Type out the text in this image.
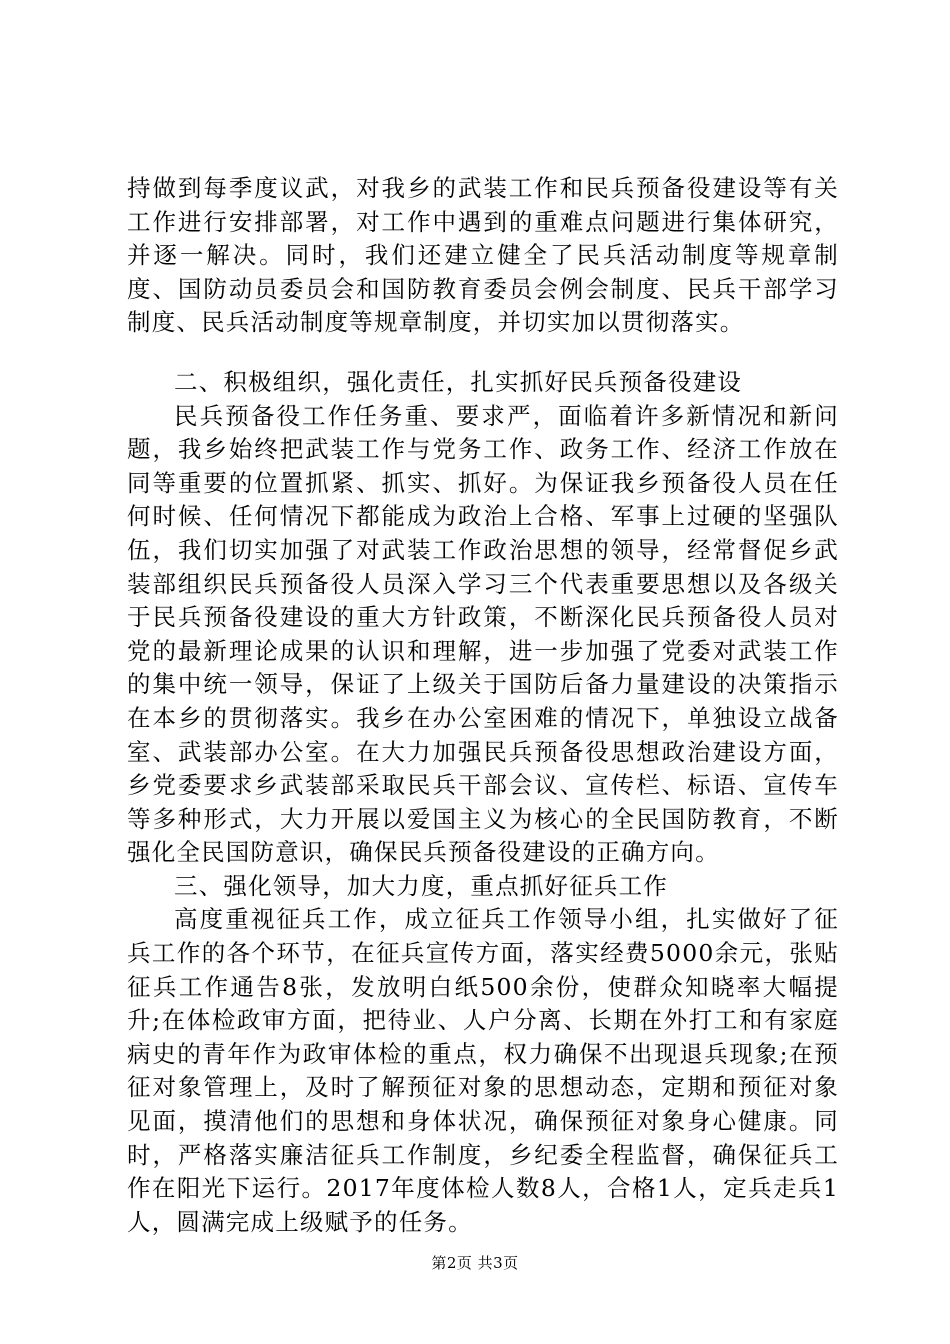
持做到每季度议武，对我乡的武装工作和民兵预备役建设等有关工作进行安排部署，对工作中遇到的重难点问题进行集体研究，并逐一解决。同时，我们还建立健全了民兵活动制度等规章制度、国防动员委员会和国防教育委员会例会制度、民兵干部学习制度、民兵活动制度等规章制度，并切实加以贯彻落实。

二、积极组织，强化责任，扎实抓好民兵预备役建设

民兵预备役工作任务重、要求严，面临着许多新情况和新问题，我乡始终把武装工作与党务工作、政务工作、经济工作放在同等重要的位置抓紧、抓实、抓好。为保证我乡预备役人员在任何时候、任何情况下都能成为政治上合格、军事上过硬的坚强队伍，我们切实加强了对武装工作政治思想的领导，经常督促乡武装部组织民兵预备役人员深入学习三个代表重要思想以及各级关于民兵预备役建设的重大方针政策，不断深化民兵预备役人员对党的最新理论成果的认识和理解，进一步加强了党委对武装工作的集中统一领导，保证了上级关于国防后备力量建设的决策指示在本乡的贯彻落实。我乡在办公室困难的情况下，单独设立战备室、武装部办公室。在大力加强民兵预备役思想政治建设方面，乡党委要求乡武装部采取民兵干部会议、宣传栏、标语、宣传车等多种形式，大力开展以爱国主义为核心的全民国防教育，不断强化全民国防意识，确保民兵预备役建设的正确方向。

三、强化领导，加大力度，重点抓好征兵工作

高度重视征兵工作，成立征兵工作领导小组，扎实做好了征兵工作的各个环节，在征兵宣传方面，落实经费5000余元，张贴征兵工作通告8张，发放明白纸500余份，使群众知晓率大幅提升;在体检政审方面，把待业、人户分离、长期在外打工和有家庭病史的青年作为政审体检的重点，权力确保不出现退兵现象;在预征对象管理上，及时了解预征对象的思想动态，定期和预征对象见面，摸清他们的思想和身体状况，确保预征对象身心健康。同时，严格落实廉洁征兵工作制度，乡纪委全程监督，确保征兵工作在阳光下运行。2017年度体检人数8人，合格1人，定兵走兵1人，圆满完成上级赋予的任务。

第2页 共3页
